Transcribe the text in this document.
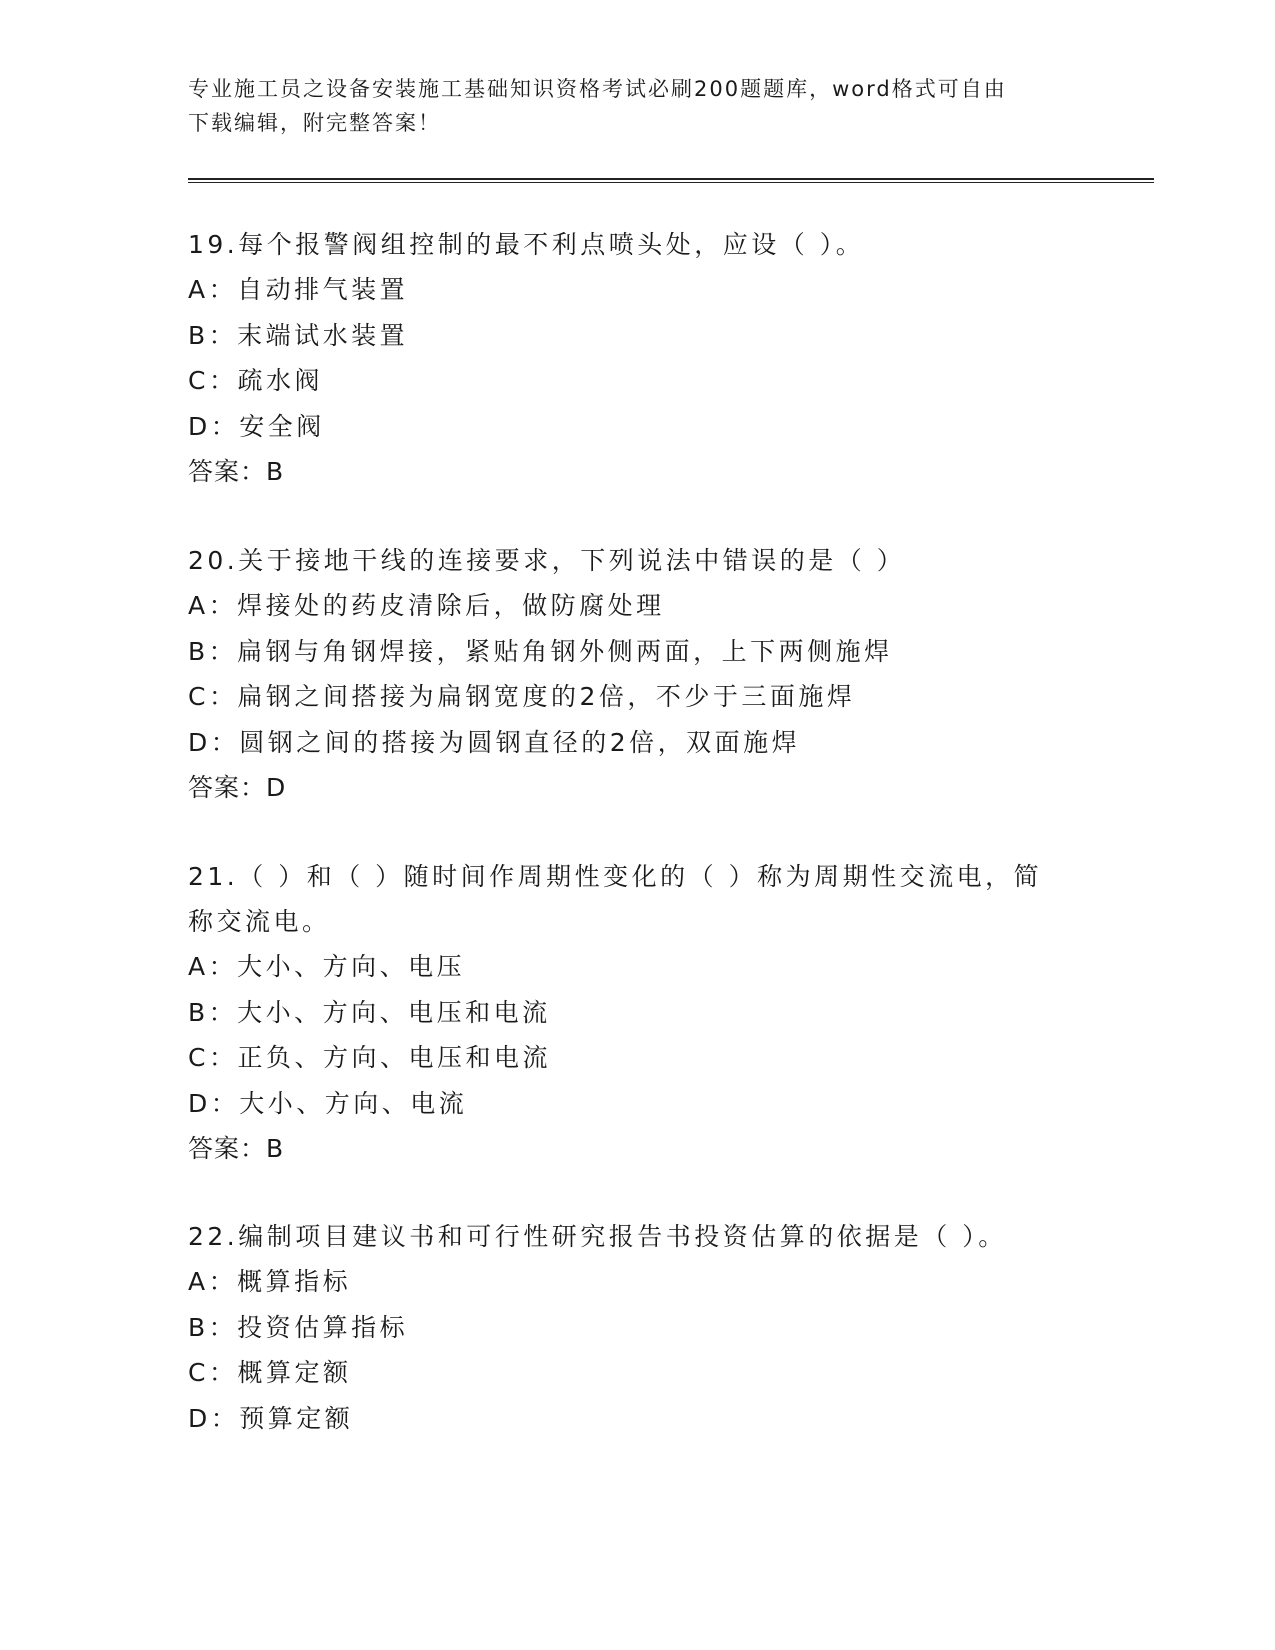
专业施工员之设备安装施工基础知识资格考试必刷200题题库，word格式可自由
下载编辑，附完整答案！

19.每个报警阀组控制的最不利点喷头处，应设（ ）。

A：自动排气装置

B：末端试水装置

C：疏水阀

D：安全阀

答案：B

20.关于接地干线的连接要求，下列说法中错误的是（ ）

A：焊接处的药皮清除后，做防腐处理

B：扁钢与角钢焊接，紧贴角钢外侧两面，上下两侧施焊

C：扁钢之间搭接为扁钢宽度的2倍，不少于三面施焊

D：圆钢之间的搭接为圆钢直径的2倍，双面施焊

答案：D

21.（ ）和（ ）随时间作周期性变化的（ ）称为周期性交流电，简

称交流电。

A：大小、方向、电压

B：大小、方向、电压和电流

C：正负、方向、电压和电流

D：大小、方向、电流

答案：B

22.编制项目建议书和可行性研究报告书投资估算的依据是（ ）。

A：概算指标

B：投资估算指标

C：概算定额

D：预算定额
